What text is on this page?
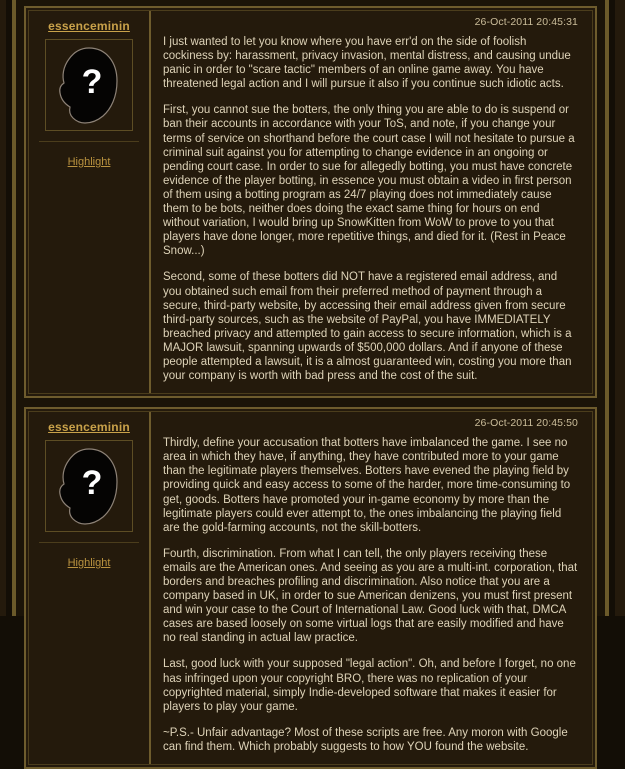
essenceminin
?
Highlight
26-Oct-2011 20:45:31

I just wanted to let you know where you have err'd on the side of foolish cockiness by: harassment, privacy invasion, mental distress, and causing undue panic in order to "scare tactic" members of an online game away. You have threatened legal action and I will pursue it also if you continue such idiotic acts.

First, you cannot sue the botters, the only thing you are able to do is suspend or ban their accounts in accordance with your ToS, and note, if you change your terms of service on shorthand before the court case I will not hesitate to pursue a criminal suit against you for attempting to change evidence in an ongoing or pending court case. In order to sue for allegedly botting, you must have concrete evidence of the player botting, in essence you must obtain a video in first person of them using a botting program as 24/7 playing does not immediately cause them to be bots, neither does doing the exact same thing for hours on end without variation, I would bring up SnowKitten from WoW to prove to you that players have done longer, more repetitive things, and died for it. (Rest in Peace Snow...)

Second, some of these botters did NOT have a registered email address, and you obtained such email from their preferred method of payment through a secure, third-party website, by accessing their email address given from secure third-party sources, such as the website of PayPal, you have IMMEDIATELY breached privacy and attempted to gain access to secure information, which is a MAJOR lawsuit, spanning upwards of $500,000 dollars. And if anyone of these people attempted a lawsuit, it is a almost guaranteed win, costing you more than your company is worth with bad press and the cost of the suit.

essenceminin
?
Highlight
26-Oct-2011 20:45:50

Thirdly, define your accusation that botters have imbalanced the game. I see no area in which they have, if anything, they have contributed more to your game than the legitimate players themselves. Botters have evened the playing field by providing quick and easy access to some of the harder, more time-consuming to get, goods. Botters have promoted your in-game economy by more than the legitimate players could ever attempt to, the ones imbalancing the playing field are the gold-farming accounts, not the skill-botters.

Fourth, discrimination. From what I can tell, the only players receiving these emails are the American ones. And seeing as you are a multi-int. corporation, that borders and breaches profiling and discrimination. Also notice that you are a company based in UK, in order to sue American denizens, you must first present and win your case to the Court of International Law. Good luck with that, DMCA cases are based loosely on some virtual logs that are easily modified and have no real standing in actual law practice.

Last, good luck with your supposed "legal action". Oh, and before I forget, no one has infringed upon your copyright BRO, there was no replication of your copyrighted material, simply Indie-developed software that makes it easier for players to play your game.

~P.S.- Unfair advantage? Most of these scripts are free. Any moron with Google can find them. Which probably suggests to how YOU found the website.
